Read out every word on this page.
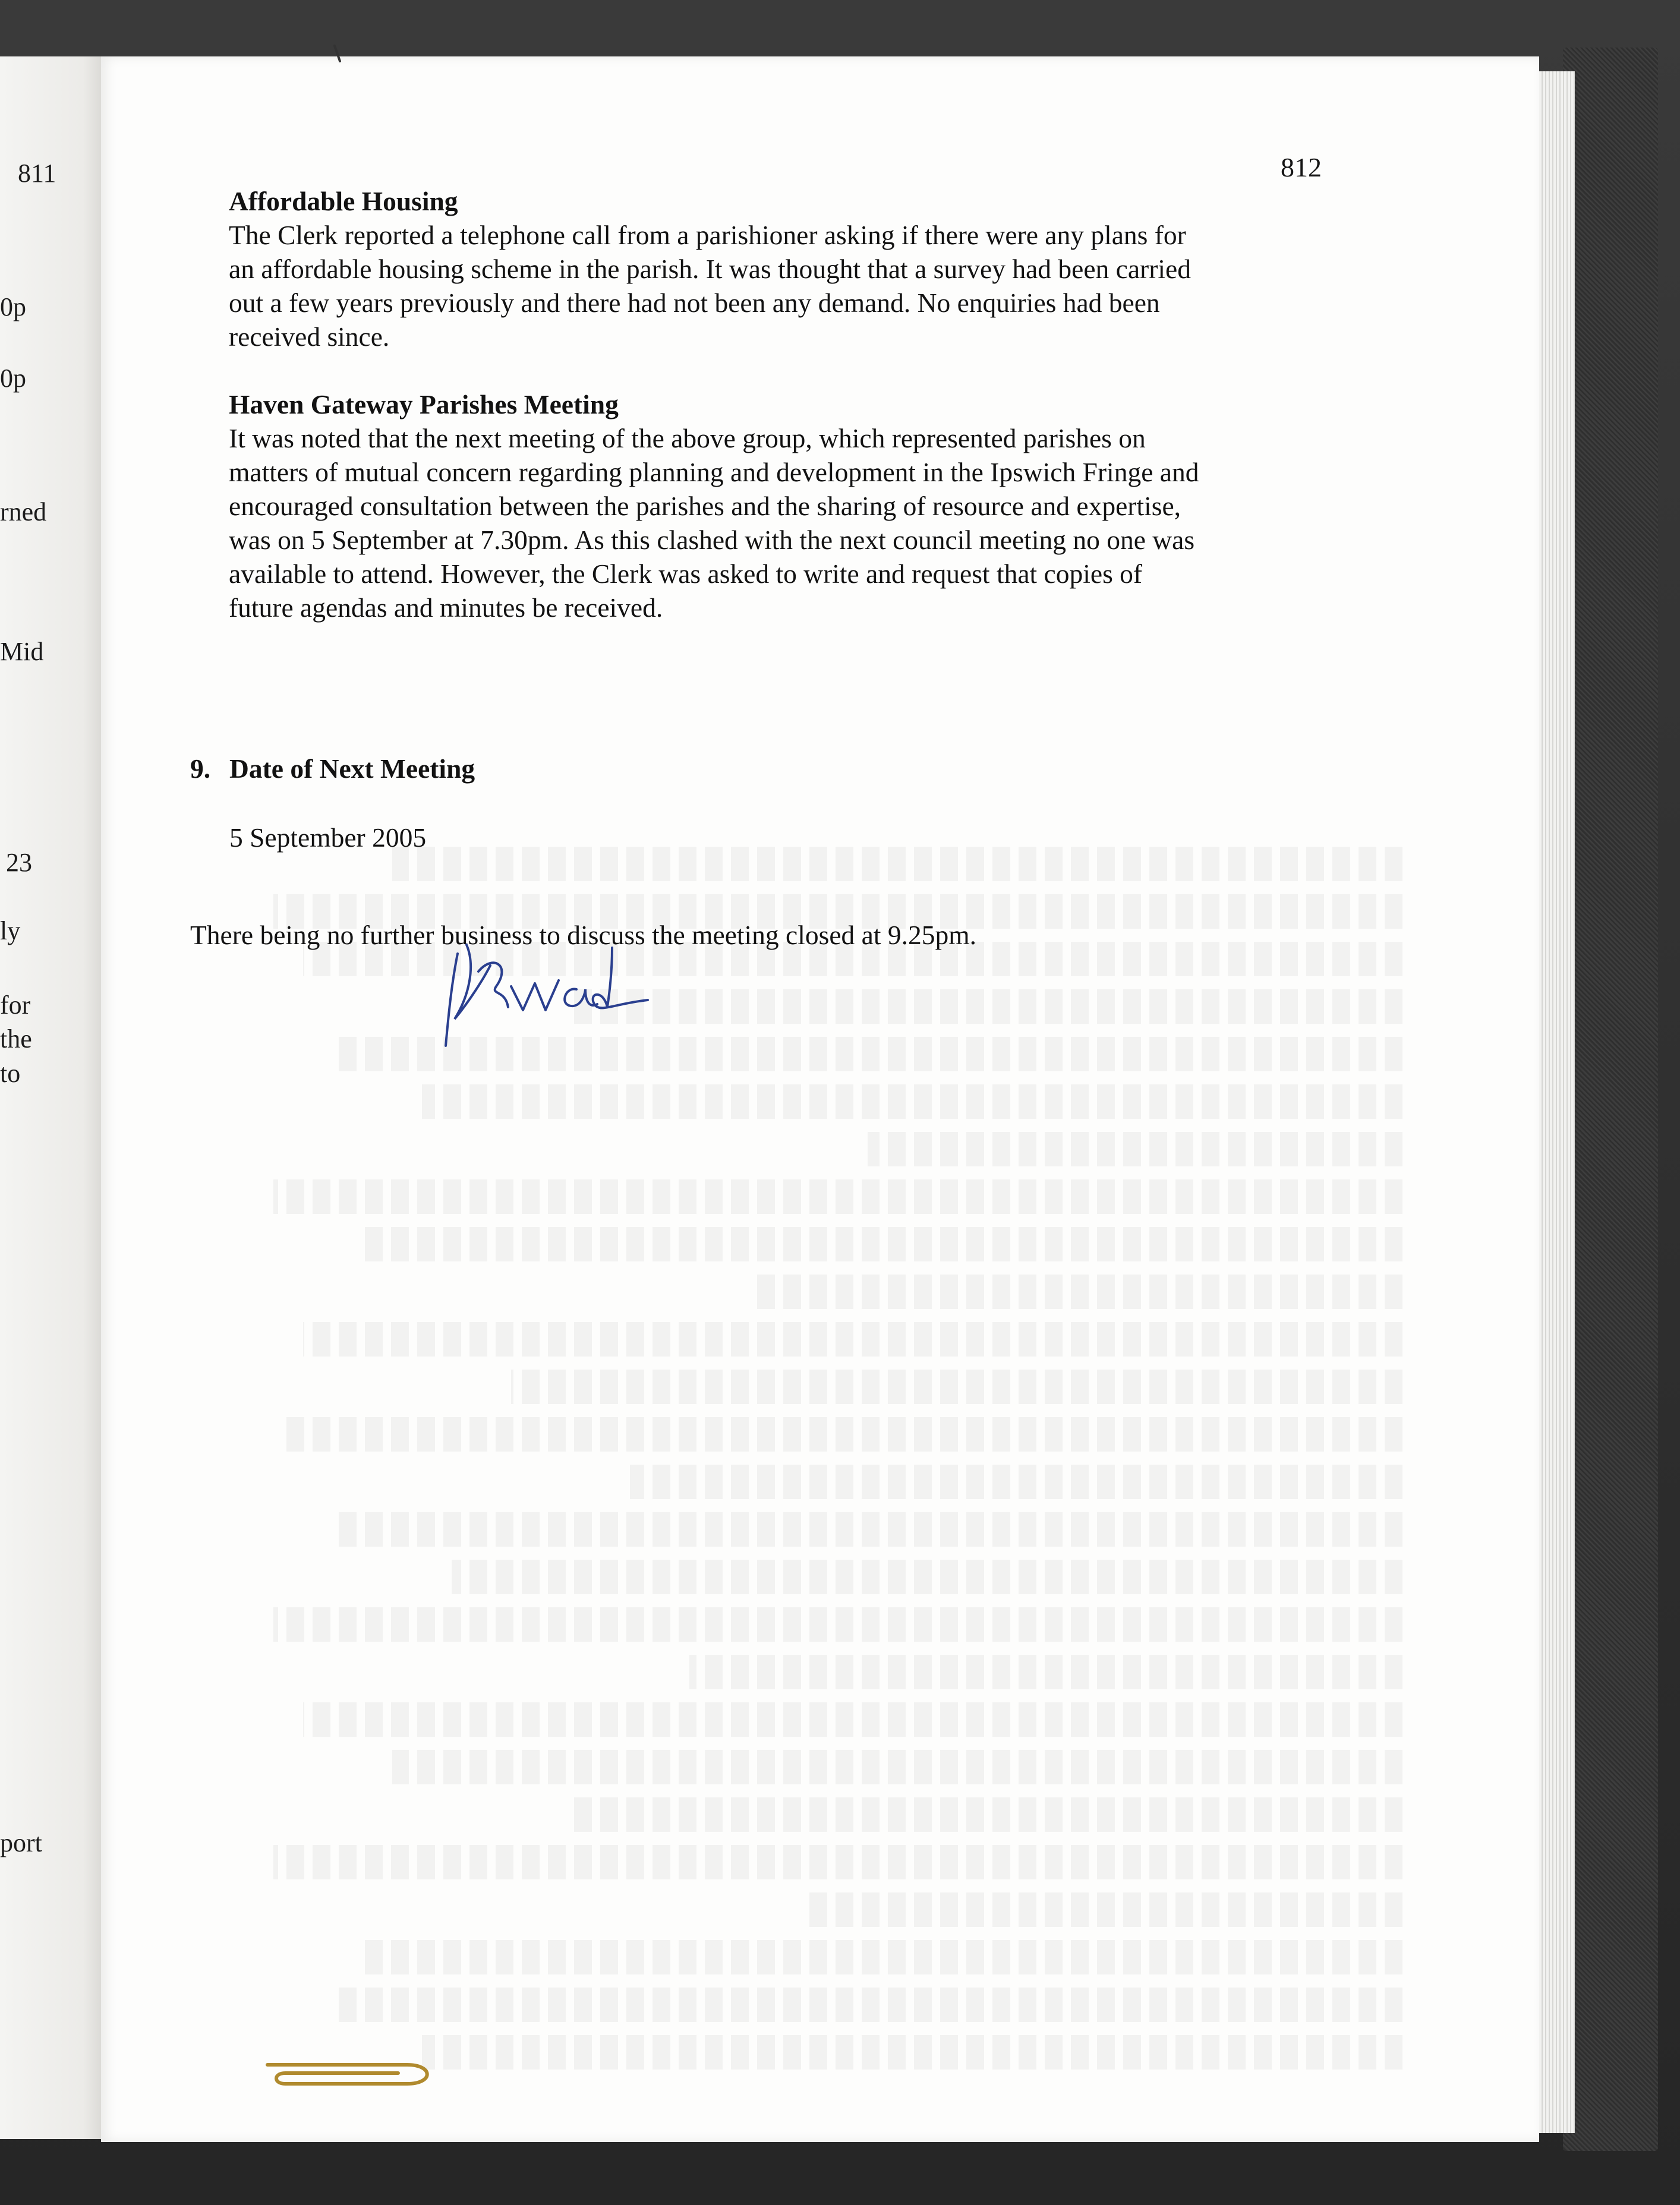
811
0p
0p
rned
Mid
23
ly
for
the
to
port
812
Affordable Housing
The Clerk reported a telephone call from a parishioner asking if there were any plans for
an affordable housing scheme in the parish. It was thought that a survey had been carried
out a few years previously and there had not been any demand. No enquiries had been
received since.
Haven Gateway Parishes Meeting
It was noted that the next meeting of the above group, which represented parishes on
matters of mutual concern regarding planning and development in the Ipswich Fringe and
encouraged consultation between the parishes and the sharing of resource and expertise,
was on 5 September at 7.30pm. As this clashed with the next council meeting no one was
available to attend. However, the Clerk was asked to write and request that copies of
future agendas and minutes be received.
9. Date of Next Meeting
5 September 2005
There being no further business to discuss the meeting closed at 9.25pm.
